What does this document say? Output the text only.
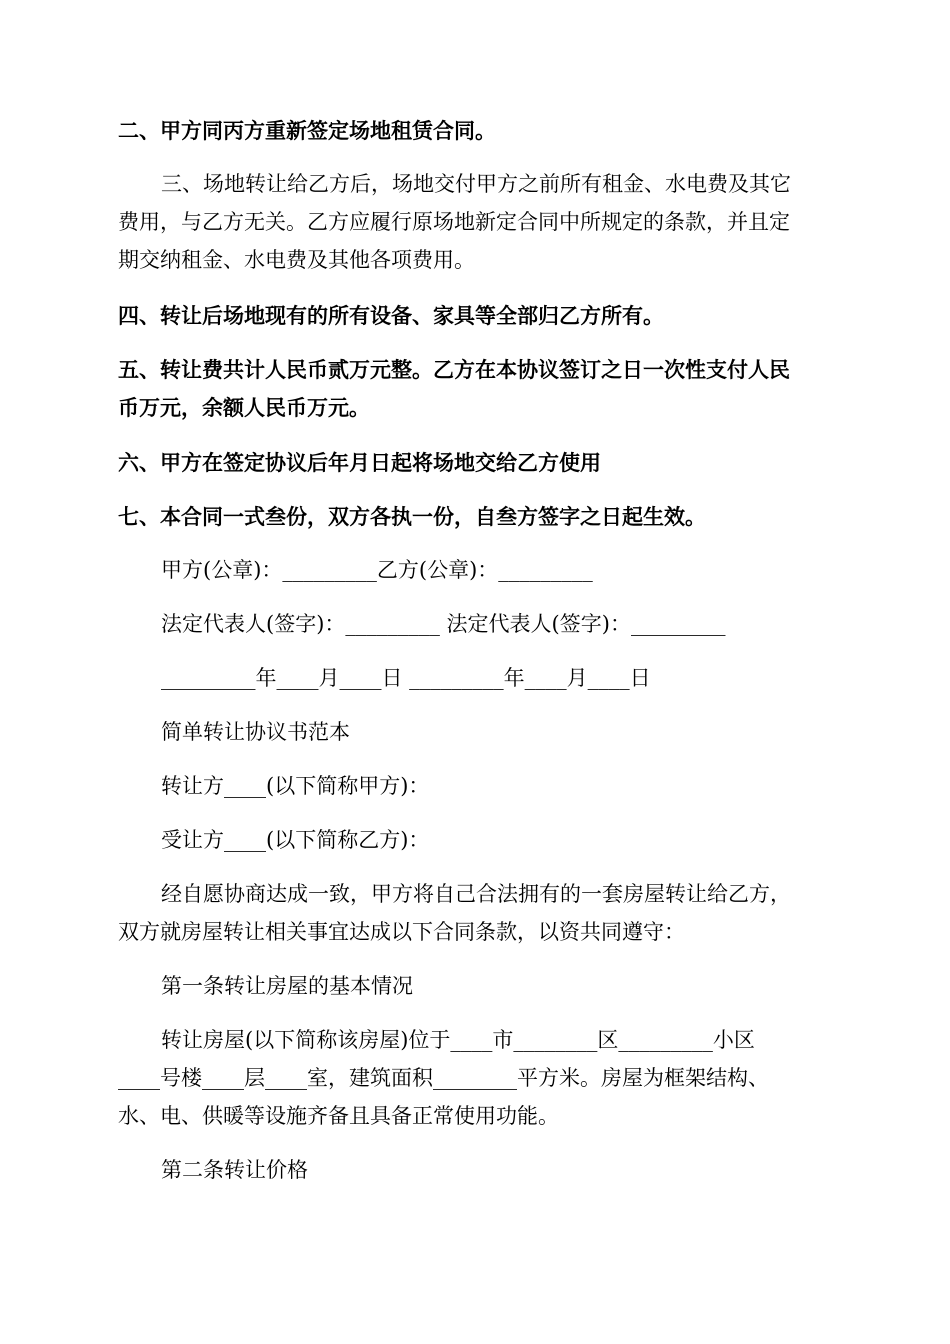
二、甲方同丙方重新签定场地租赁合同。
三、场地转让给乙方后，场地交付甲方之前所有租金、水电费及其它
费用，与乙方无关。乙方应履行原场地新定合同中所规定的条款，并且定
期交纳租金、水电费及其他各项费用。
四、转让后场地现有的所有设备、家具等全部归乙方所有。
五、转让费共计人民币贰万元整。乙方在本协议签订之日一次性支付人民
币万元，余额人民币万元。
六、甲方在签定协议后年月日起将场地交给乙方使用
七、本合同一式叁份，双方各执一份，自叁方签字之日起生效。
甲方(公章)：_________乙方(公章)：_________
法定代表人(签字)：_________ 法定代表人(签字)：_________
_________年____月____日 _________年____月____日
简单转让协议书范本
转让方____(以下简称甲方)：
受让方____(以下简称乙方)：
经自愿协商达成一致，甲方将自己合法拥有的一套房屋转让给乙方，
双方就房屋转让相关事宜达成以下合同条款，以资共同遵守：
第一条转让房屋的基本情况
转让房屋(以下简称该房屋)位于____市________区_________小区
____号楼____层____室，建筑面积________平方米。房屋为框架结构、
水、电、供暖等设施齐备且具备正常使用功能。
第二条转让价格
